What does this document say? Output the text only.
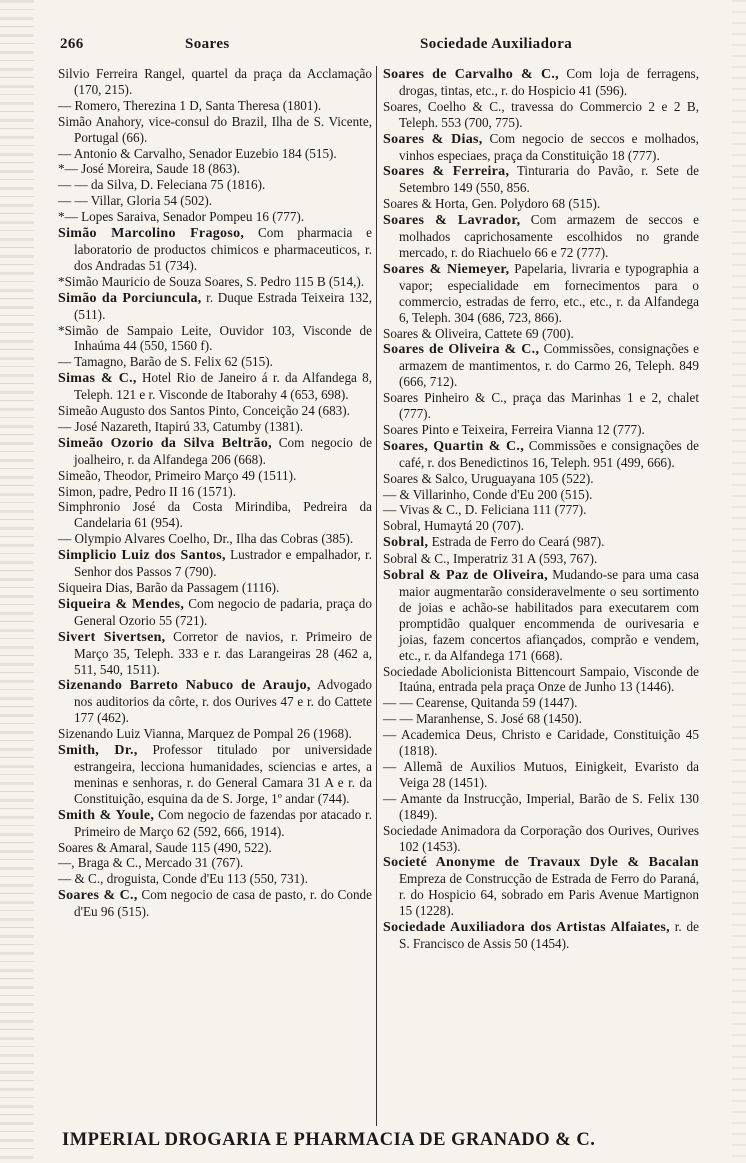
266	Soares	Sociedade Auxiliadora

Silvio Ferreira Rangel, quartel da praça da Acclamação (170, 215).

— Romero, Therezina 1 D, Santa Theresa (1801).

Simão Anahory, vice-consul do Brazil, Ilha de S. Vicente, Portugal (66).

— Antonio & Carvalho, Senador Euzebio 184 (515).

*— José Moreira, Saude 18 (863).

— — da Silva, D. Feleciana 75 (1816).

— — Villar, Gloria 54 (502).

*— Lopes Saraiva, Senador Pompeu 16 (777).

Simão Marcolino Fragoso, Com pharmacia e laboratorio de productos chimicos e pharmaceuticos, r. dos Andradas 51 (734).

*Simão Mauricio de Souza Soares, S. Pedro 115 B (514,).

Simão da Porciuncula, r. Duque Estrada Teixeira 132, (511).

*Simão de Sampaio Leite, Ouvidor 103, Visconde de Inhaúma 44 (550, 1560 f).

— Tamagno, Barão de S. Felix 62 (515).

Simas & C., Hotel Rio de Janeiro á r. da Alfandega 8, Teleph. 121 e r. Visconde de Itaborahy 4 (653, 698).

Simeão Augusto dos Santos Pinto, Conceição 24 (683).

— José Nazareth, Itapirú 33, Catumby (1381).

Simeão Ozorio da Silva Beltrão, Com negocio de joalheiro, r. da Alfandega 206 (668).

Simeão, Theodor, Primeiro Março 49 (1511).

Simon, padre, Pedro II 16 (1571).

Simphronio José da Costa Mirindiba, Pedreira da Candelaria 61 (954).

— Olympio Alvares Coelho, Dr., Ilha das Cobras (385).

Simplicio Luiz dos Santos, Lustrador e empalhador, r. Senhor dos Passos 7 (790).

Siqueira Dias, Barão da Passagem (1116).

Siqueira & Mendes, Com negocio de padaria, praça do General Ozorio 55 (721).

Sivert Sivertsen, Corretor de navios, r. Primeiro de Março 35, Teleph. 333 e r. das Larangeiras 28 (462 a, 511, 540, 1511).

Sizenando Barreto Nabuco de Araujo, Advogado nos auditorios da côrte, r. dos Ourives 47 e r. do Cattete 177 (462).

Sizenando Luiz Vianna, Marquez de Pompal 26 (1968).

Smith, Dr., Professor titulado por universidade estrangeira, lecciona humanidades, sciencias e artes, a meninas e senhoras, r. do General Camara 31 A e r. da Constituição, esquina da de S. Jorge, 1º andar (744).

Smith & Youle, Com negocio de fazendas por atacado r. Primeiro de Março 62 (592, 666, 1914).

Soares & Amaral, Saude 115 (490, 522).

—, Braga & C., Mercado 31 (767).

— & C., droguista, Conde d'Eu 113 (550, 731).

Soares & C., Com negocio de casa de pasto, r. do Conde d'Eu 96 (515).

Soares de Carvalho & C., Com loja de ferragens, drogas, tintas, etc., r. do Hospicio 41 (596).

Soares, Coelho & C., travessa do Commercio 2 e 2 B, Teleph. 553 (700, 775).

Soares & Dias, Com negocio de seccos e molhados, vinhos especiaes, praça da Constituição 18 (777).

Soares & Ferreira, Tinturaria do Pavão, r. Sete de Setembro 149 (550, 856.

Soares & Horta, Gen. Polydoro 68 (515).

Soares & Lavrador, Com armazem de seccos e molhados caprichosamente escolhidos no grande mercado, r. do Riachuelo 66 e 72 (777).

Soares & Niemeyer, Papelaria, livraria e typographia a vapor; especialidade em fornecimentos para o commercio, estradas de ferro, etc., etc., r. da Alfandega 6, Teleph. 304 (686, 723, 866).

Soares & Oliveira, Cattete 69 (700).

Soares de Oliveira & C., Commissões, consignações e armazem de mantimentos, r. do Carmo 26, Teleph. 849 (666, 712).

Soares Pinheiro & C., praça das Marinhas 1 e 2, chalet (777).

Soares Pinto e Teixeira, Ferreira Vianna 12 (777).

Soares, Quartin & C., Commissões e consignações de café, r. dos Benedictinos 16, Teleph. 951 (499, 666).

Soares & Salco, Uruguayana 105 (522).

— & Villarinho, Conde d'Eu 200 (515).

— Vivas & C., D. Feliciana 111 (777).

Sobral, Humaytá 20 (707).

Sobral, Estrada de Ferro do Ceará (987).

Sobral & C., Imperatriz 31 A (593, 767).

Sobral & Paz de Oliveira, Mudando-se para uma casa maior augmentarão consideravelmente o seu sortimento de joias e achão-se habilitados para executarem com promptidão qualquer encommenda de ourivesaria e joias, fazem concertos afiançados, comprão e vendem, etc., r. da Alfandega 171 (668).

Sociedade Abolicionista Bittencourt Sampaio, Visconde de Itaúna, entrada pela praça Onze de Junho 13 (1446).

— — Cearense, Quitanda 59 (1447).

— — Maranhense, S. José 68 (1450).

— Academica Deus, Christo e Caridade, Constituição 45 (1818).

— Allemã de Auxilios Mutuos, Einigkeit, Evaristo da Veiga 28 (1451).

— Amante da Instrucção, Imperial, Barão de S. Felix 130 (1849).

Sociedade Animadora da Corporação dos Ourives, Ourives 102 (1453).

Societé Anonyme de Travaux Dyle & Bacalan Empreza de Construcção de Estrada de Ferro do Paraná, r. do Hospicio 64, sobrado em Paris Avenue Martignon 15 (1228).

Sociedade Auxiliadora dos Artistas Alfaiates, r. de S. Francisco de Assis 50 (1454).

IMPERIAL DROGARIA E PHARMACIA DE GRANADO & C.
